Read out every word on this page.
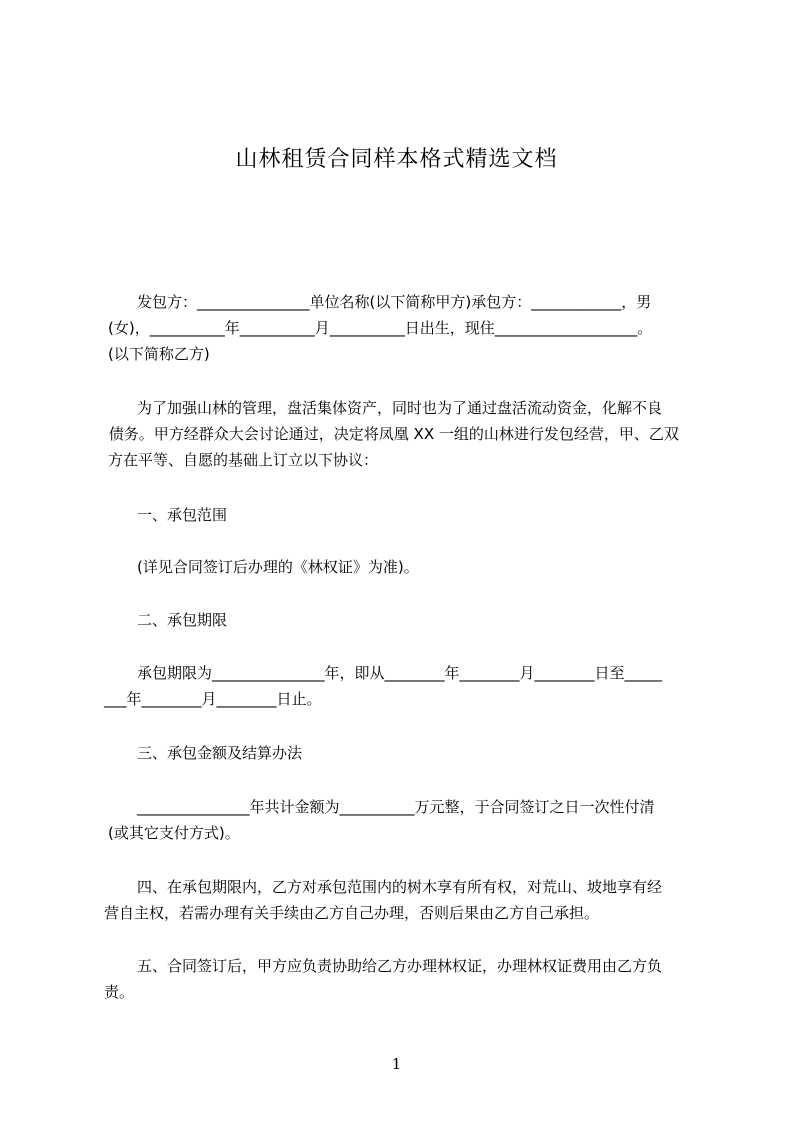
山林租赁合同样本格式精选文档
发包方：_______________单位名称(以下简称甲方)承包方：____________，男
(女)，__________年__________月__________日出生，现住___________________。
(以下简称乙方)
为了加强山林的管理，盘活集体资产，同时也为了通过盘活流动资金，化解不良
债务。甲方经群众大会讨论通过，决定将凤凰 XX 一组的山林进行发包经营，甲、乙双
方在平等、自愿的基础上订立以下协议：
一、承包范围
(详见合同签订后办理的《林权证》为准)。
二、承包期限
承包期限为_______________年，即从________年________月________日至_____
___年________月________日止。
三、承包金额及结算办法
_______________年共计金额为__________万元整，于合同签订之日一次性付清
(或其它支付方式)。
四、在承包期限内，乙方对承包范围内的树木享有所有权，对荒山、坡地享有经
营自主权，若需办理有关手续由乙方自己办理，否则后果由乙方自己承担。
五、合同签订后，甲方应负责协助给乙方办理林权证，办理林权证费用由乙方负
责。
1
